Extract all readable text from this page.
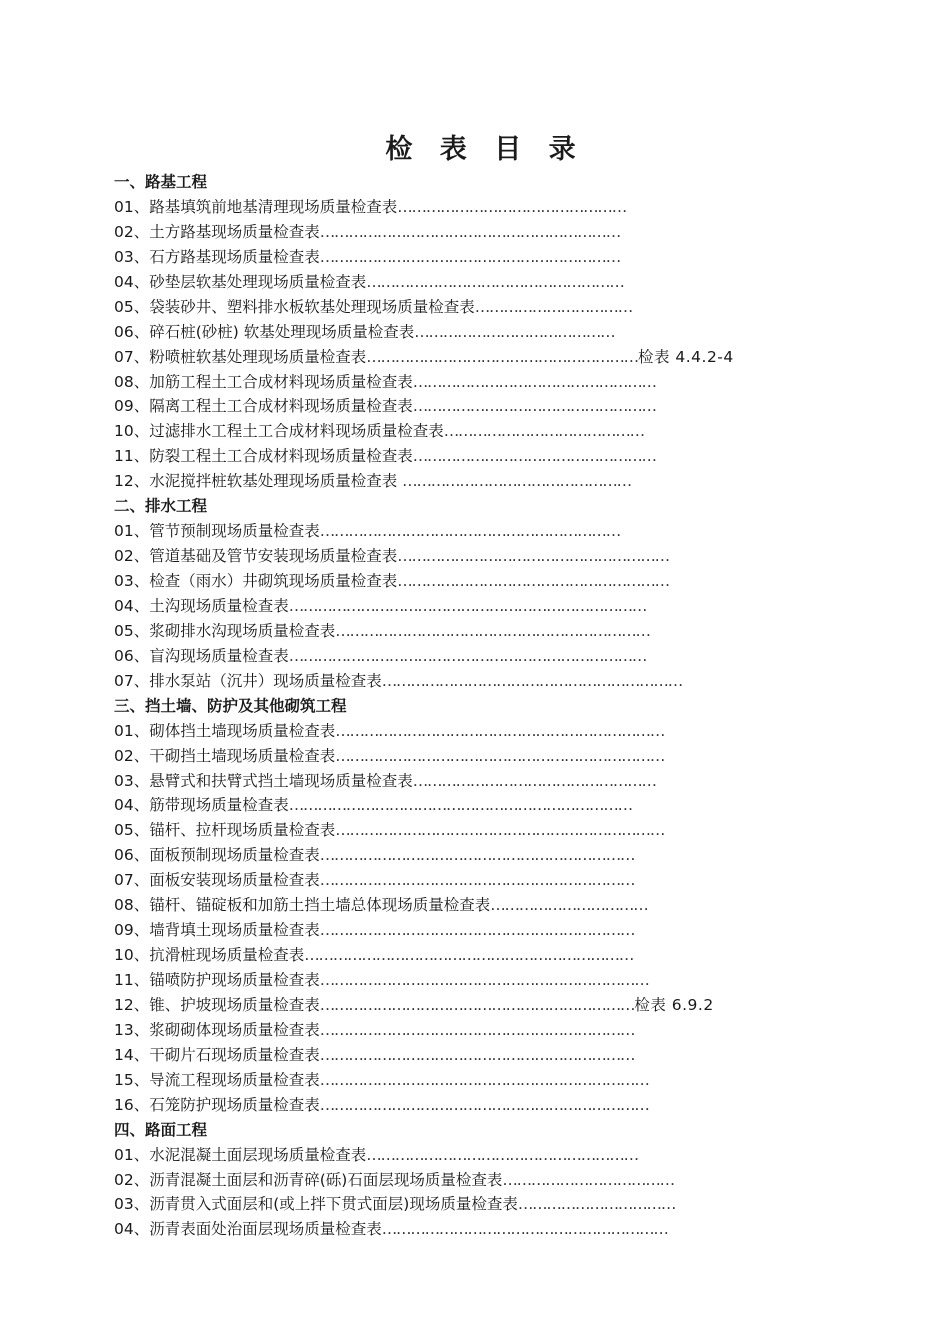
检 表 目 录
一、路基工程
01、路基填筑前地基清理现场质量检查表…………………………………………
02、土方路基现场质量检查表………………………………………………………
03、石方路基现场质量检查表………………………………………………………
04、砂垫层软基处理现场质量检查表………………………………………………
05、袋装砂井、塑料排水板软基处理现场质量检查表……………………………
06、碎石桩(砂桩) 软基处理现场质量检查表……………………………………
07、粉喷桩软基处理现场质量检查表…………………………………………………检表 4.4.2-4
08、加筋工程土工合成材料现场质量检查表……………………………………………
09、隔离工程土工合成材料现场质量检查表……………………………………………
10、过滤排水工程土工合成材料现场质量检查表……………………………………
11、防裂工程土工合成材料现场质量检查表……………………………………………
12、水泥搅拌桩软基处理现场质量检查表 …………………………………………
二、排水工程
01、管节预制现场质量检查表………………………………………………………
02、管道基础及管节安装现场质量检查表…………………………………………………
03、检查（雨水）井砌筑现场质量检查表…………………………………………………
04、土沟现场质量检查表…………………………………………………………………
05、浆砌排水沟现场质量检查表…………………………………………………………
06、盲沟现场质量检查表…………………………………………………………………
07、排水泵站（沉井）现场质量检查表………………………………………………………
三、挡土墙、防护及其他砌筑工程
01、砌体挡土墙现场质量检查表……………………………………………………………
02、干砌挡土墙现场质量检查表……………………………………………………………
03、悬臂式和扶臂式挡土墙现场质量检查表……………………………………………
04、筋带现场质量检查表………………………………………………………………
05、锚杆、拉杆现场质量检查表……………………………………………………………
06、面板预制现场质量检查表…………………………………………………………
07、面板安装现场质量检查表…………………………………………………………
08、锚杆、锚碇板和加筋土挡土墙总体现场质量检查表……………………………
09、墙背填土现场质量检查表…………………………………………………………
10、抗滑桩现场质量检查表……………………………………………………………
11、锚喷防护现场质量检查表……………………………………………………………
12、锥、护坡现场质量检查表…………………………………………………………检表 6.9.2
13、浆砌砌体现场质量检查表…………………………………………………………
14、干砌片石现场质量检查表…………………………………………………………
15、导流工程现场质量检查表……………………………………………………………
16、石笼防护现场质量检查表……………………………………………………………
四、路面工程
01、水泥混凝土面层现场质量检查表…………………………………………………
02、沥青混凝土面层和沥青碎(砾)石面层现场质量检查表………………………………
03、沥青贯入式面层和(或上拌下贯式面层)现场质量检查表……………………………
04、沥青表面处治面层现场质量检查表……………………………………………………
